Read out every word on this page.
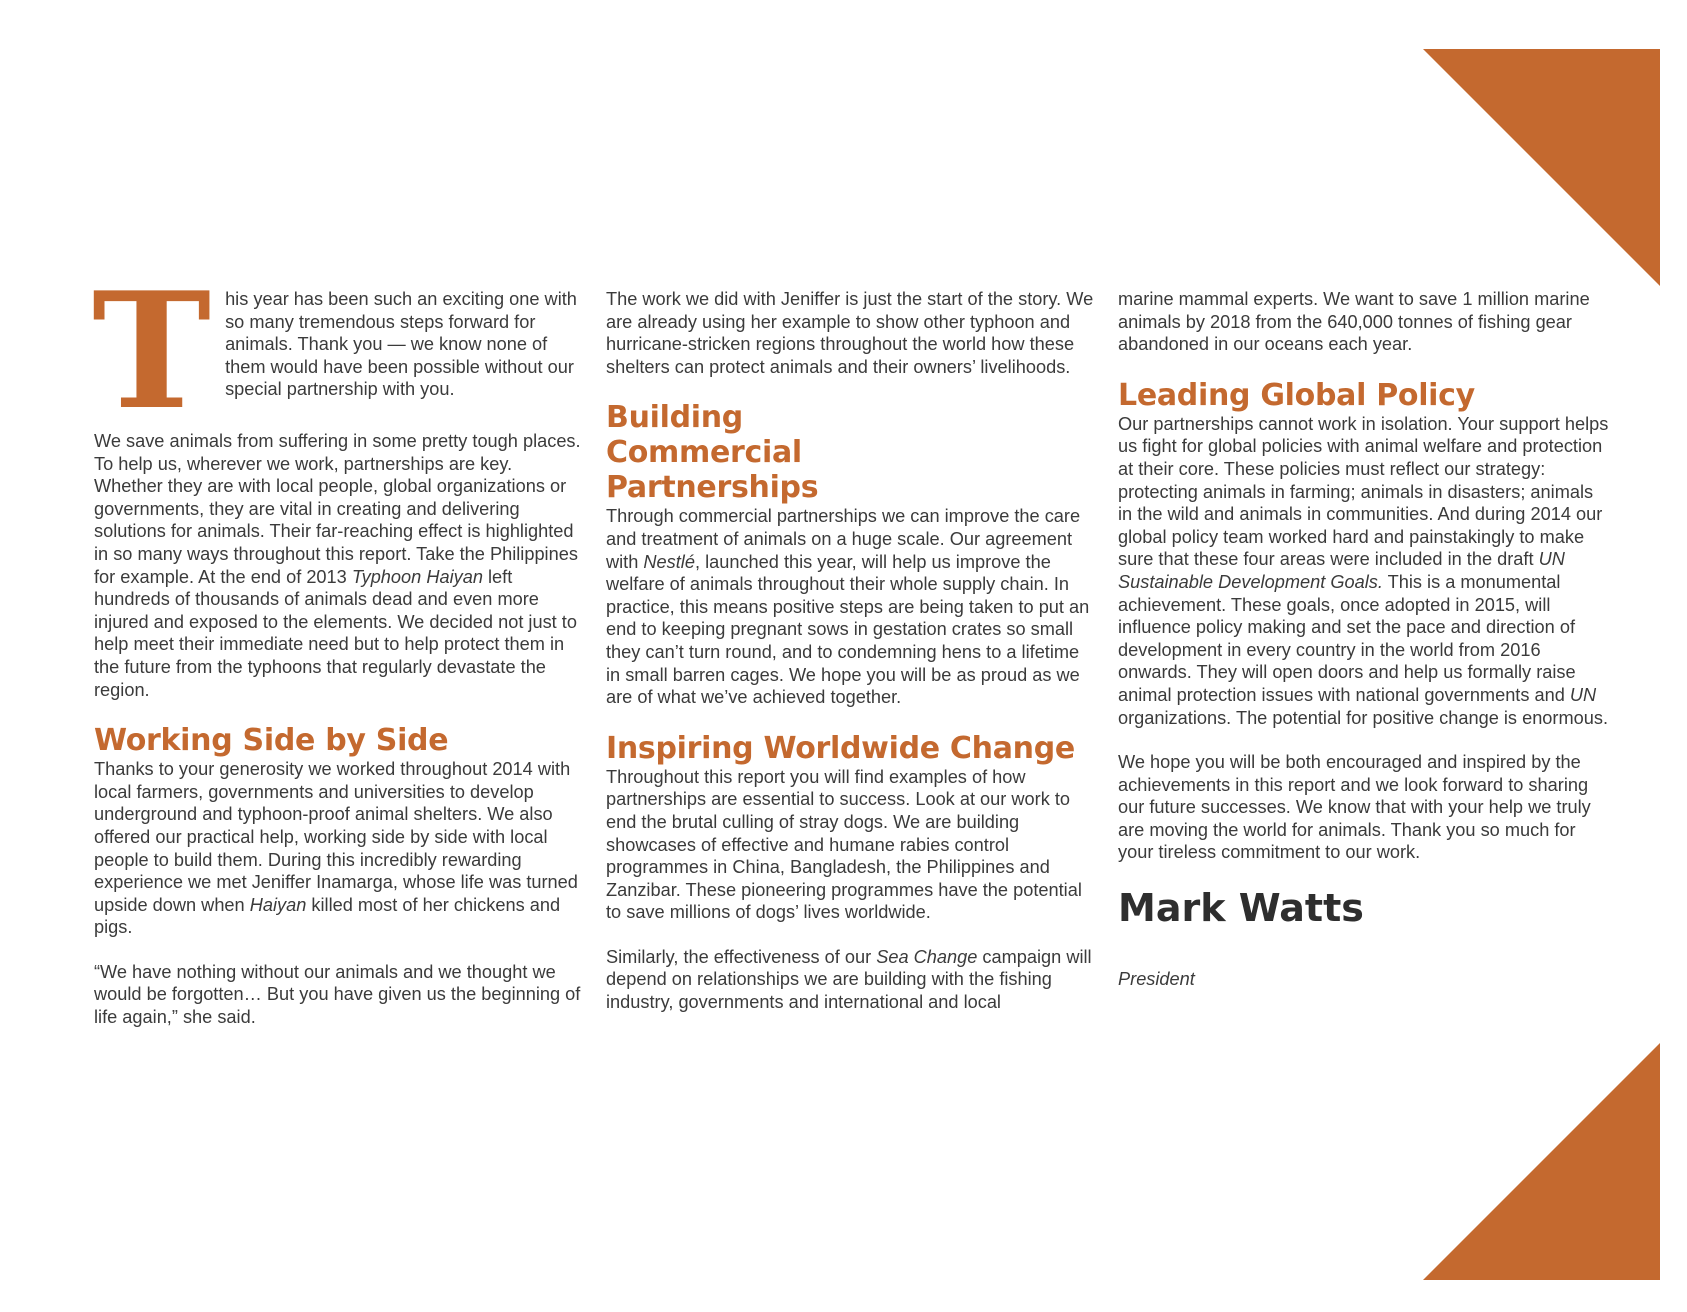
T his year has been such an exciting one with so many tremendous steps forward for animals. Thank you — we know none of them would have been possible without our special partnership with you.

We save animals from suffering in some pretty tough places. To help us, wherever we work, partnerships are key. Whether they are with local people, global organizations or governments, they are vital in creating and delivering solutions for animals. Their far-reaching effect is highlighted in so many ways throughout this report. Take the Philippines for example. At the end of 2013 Typhoon Haiyan left hundreds of thousands of animals dead and even more injured and exposed to the elements. We decided not just to help meet their immediate need but to help protect them in the future from the typhoons that regularly devastate the region.

Working Side by Side

Thanks to your generosity we worked throughout 2014 with local farmers, governments and universities to develop underground and typhoon-proof animal shelters. We also offered our practical help, working side by side with local people to build them. During this incredibly rewarding experience we met Jeniffer Inamarga, whose life was turned upside down when Haiyan killed most of her chickens and pigs.

“We have nothing without our animals and we thought we would be forgotten… But you have given us the beginning of life again,” she said.

The work we did with Jeniffer is just the start of the story. We are already using her example to show other typhoon and hurricane-stricken regions throughout the world how these shelters can protect animals and their owners’ livelihoods.

Building Commercial Partnerships

Through commercial partnerships we can improve the care and treatment of animals on a huge scale. Our agreement with Nestlé, launched this year, will help us improve the welfare of animals throughout their whole supply chain. In practice, this means positive steps are being taken to put an end to keeping pregnant sows in gestation crates so small they can’t turn round, and to condemning hens to a lifetime in small barren cages. We hope you will be as proud as we are of what we’ve achieved together.

Inspiring Worldwide Change

Throughout this report you will find examples of how partnerships are essential to success. Look at our work to end the brutal culling of stray dogs. We are building showcases of effective and humane rabies control programmes in China, Bangladesh, the Philippines and Zanzibar. These pioneering programmes have the potential to save millions of dogs’ lives worldwide.

Similarly, the effectiveness of our Sea Change campaign will depend on relationships we are building with the fishing industry, governments and international and local

marine mammal experts. We want to save 1 million marine animals by 2018 from the 640,000 tonnes of fishing gear abandoned in our oceans each year.

Leading Global Policy

Our partnerships cannot work in isolation. Your support helps us fight for global policies with animal welfare and protection at their core. These policies must reflect our strategy: protecting animals in farming; animals in disasters; animals in the wild and animals in communities. And during 2014 our global policy team worked hard and painstakingly to make sure that these four areas were included in the draft UN Sustainable Development Goals. This is a monumental achievement. These goals, once adopted in 2015, will influence policy making and set the pace and direction of development in every country in the world from 2016 onwards. They will open doors and help us formally raise animal protection issues with national governments and UN organizations. The potential for positive change is enormous.

We hope you will be both encouraged and inspired by the achievements in this report and we look forward to sharing our future successes. We know that with your help we truly are moving the world for animals. Thank you so much for your tireless commitment to our work.

Mark Watts
President
